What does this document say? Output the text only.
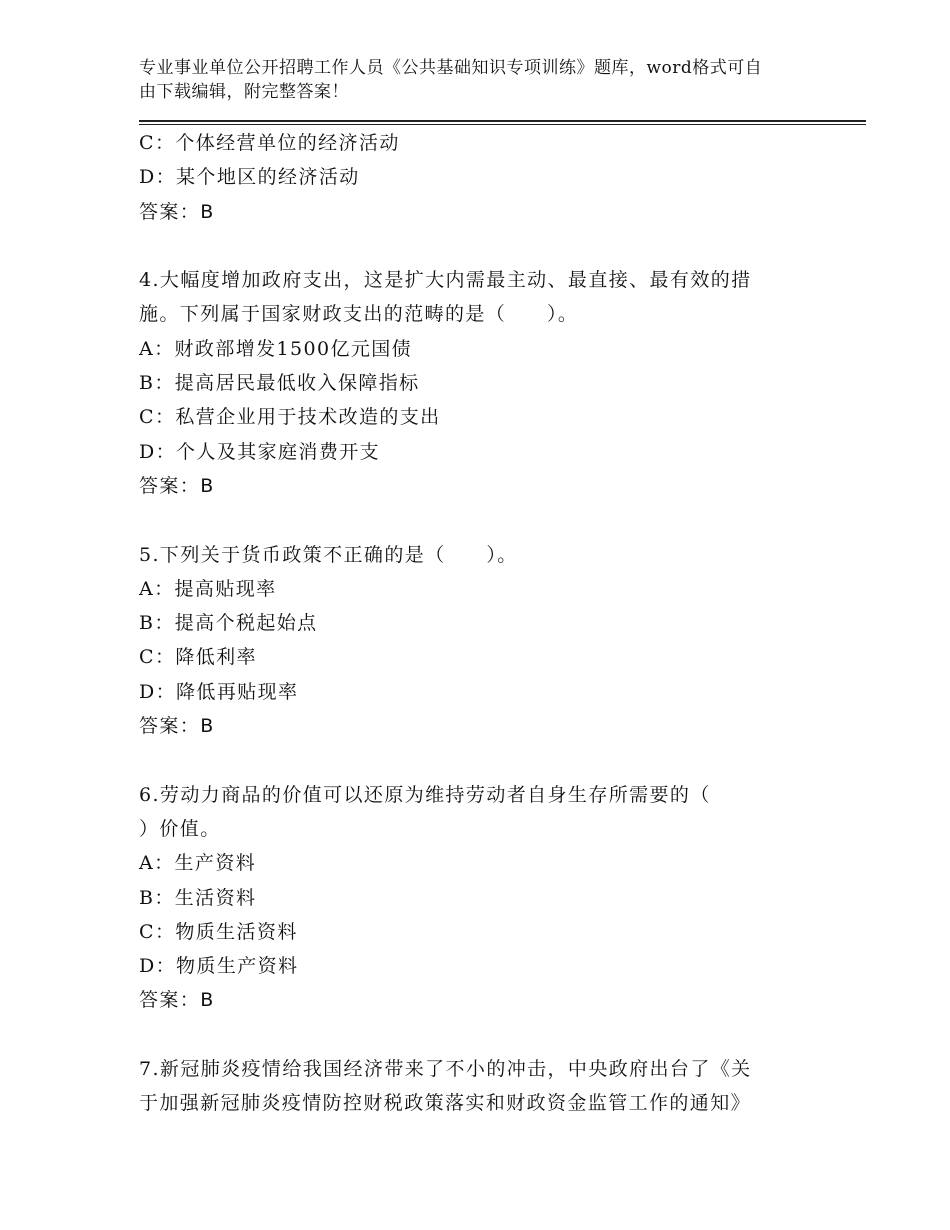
专业事业单位公开招聘工作人员《公共基础知识专项训练》题库，word格式可自
由下载编辑，附完整答案！
C：个体经营单位的经济活动
D：某个地区的经济活动
答案：B
4.大幅度增加政府支出，这是扩大内需最主动、最直接、最有效的措
施。下列属于国家财政支出的范畴的是（　　）。
A：财政部增发1500亿元国债
B：提高居民最低收入保障指标
C：私营企业用于技术改造的支出
D：个人及其家庭消费开支
答案：B
5.下列关于货币政策不正确的是（　　）。
A：提高贴现率
B：提高个税起始点
C：降低利率
D：降低再贴现率
答案：B
6.劳动力商品的价值可以还原为维持劳动者自身生存所需要的（
）价值。
A：生产资料
B：生活资料
C：物质生活资料
D：物质生产资料
答案：B
7.新冠肺炎疫情给我国经济带来了不小的冲击，中央政府出台了《关
于加强新冠肺炎疫情防控财税政策落实和财政资金监管工作的通知》
